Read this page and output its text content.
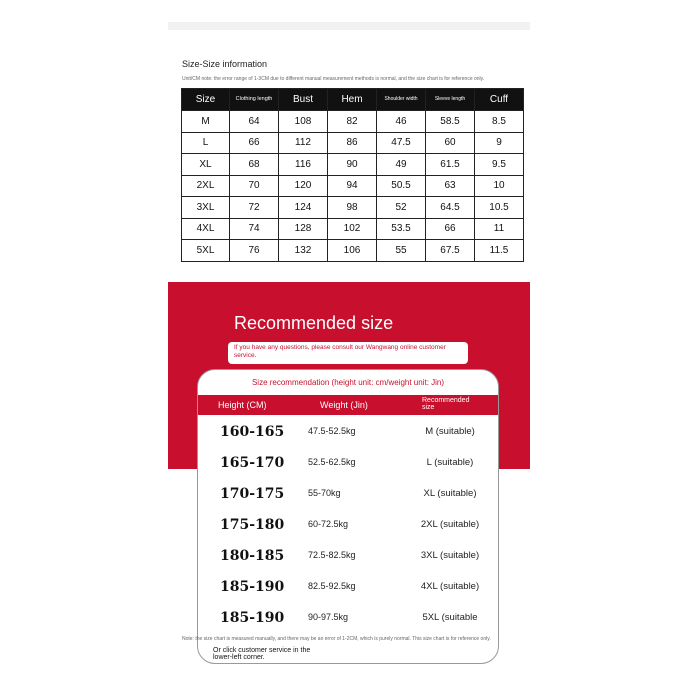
Size-Size information
Unit/CM note: the error range of 1-3CM due to different manual measurement methods is normal, and the size chart is for reference only.
Size	Clothing length	Bust	Hem	Shoulder width	Sleeve length	Cuff
M	64	108	82	46	58.5	8.5
L	66	112	86	47.5	60	9
XL	68	116	90	49	61.5	9.5
2XL	70	120	94	50.5	63	10
3XL	72	124	98	52	64.5	10.5
4XL	74	128	102	53.5	66	11
5XL	76	132	106	55	67.5	11.5
Recommended size
If you have any questions, please consult our Wangwang online customer service.
Size recommendation (height unit: cm/weight unit: Jin)
Height (CM)	Weight (Jin)	Recommended size
160-165	47.5-52.5kg	M (suitable)
165-170	52.5-62.5kg	L (suitable)
170-175	55-70kg	XL (suitable)
175-180	60-72.5kg	2XL (suitable)
180-185	72.5-82.5kg	3XL (suitable)
185-190	82.5-92.5kg	4XL (suitable)
185-190	90-97.5kg	5XL (suitable
Note: the size chart is measured manually, and there may be an error of 1-2CM, which is purely normal. This size chart is for reference only.
Or click customer service in the lower-left corner.
